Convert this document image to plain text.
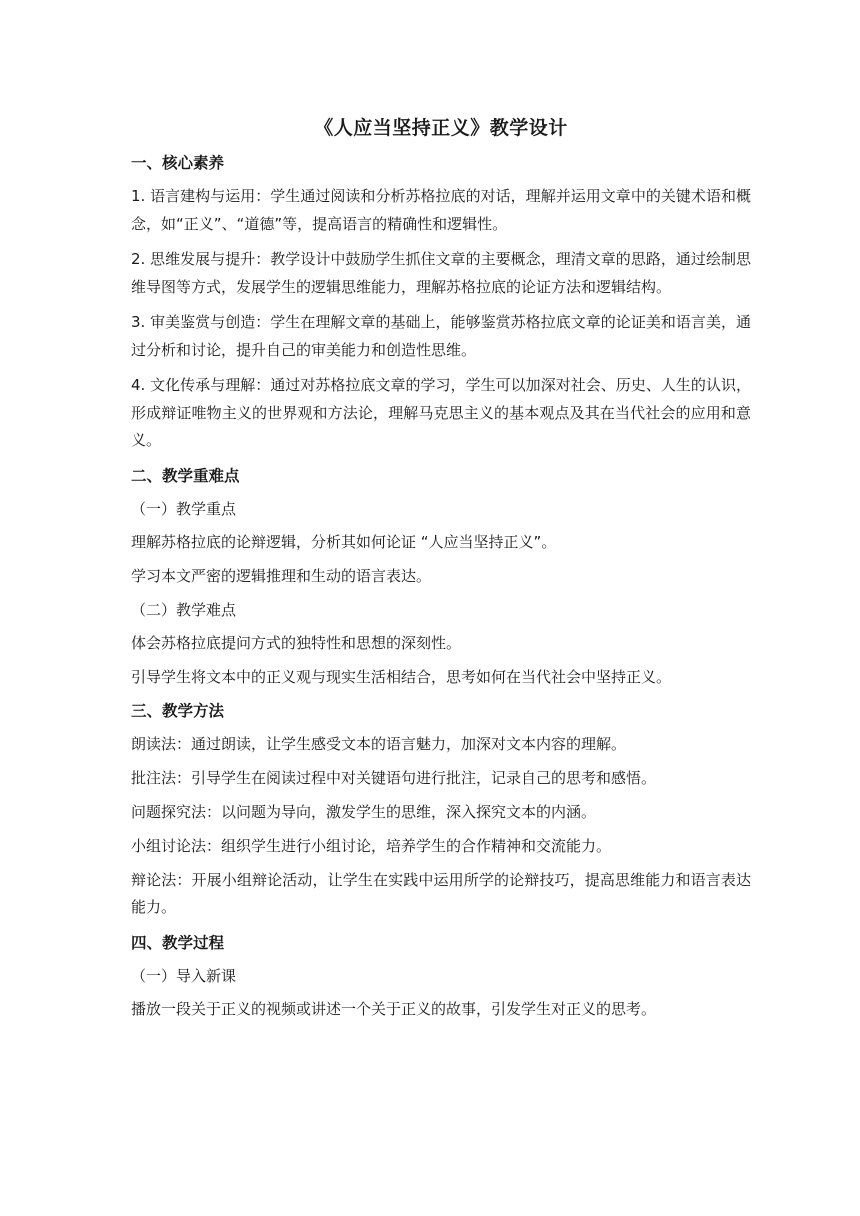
《人应当坚持正义》教学设计
一、核心素养
1. 语言建构与运用：学生通过阅读和分析苏格拉底的对话，理解并运用文章中的关键术语和概念，如“正义”、“道德”等，提高语言的精确性和逻辑性。
2. 思维发展与提升：教学设计中鼓励学生抓住文章的主要概念，理清文章的思路，通过绘制思维导图等方式，发展学生的逻辑思维能力，理解苏格拉底的论证方法和逻辑结构。
3. 审美鉴赏与创造：学生在理解文章的基础上，能够鉴赏苏格拉底文章的论证美和语言美，通过分析和讨论，提升自己的审美能力和创造性思维。
4. 文化传承与理解：通过对苏格拉底文章的学习，学生可以加深对社会、历史、人生的认识，形成辩证唯物主义的世界观和方法论，理解马克思主义的基本观点及其在当代社会的应用和意义。
二、教学重难点
（一）教学重点
理解苏格拉底的论辩逻辑，分析其如何论证 “人应当坚持正义”。
学习本文严密的逻辑推理和生动的语言表达。
（二）教学难点
体会苏格拉底提问方式的独特性和思想的深刻性。
引导学生将文本中的正义观与现实生活相结合，思考如何在当代社会中坚持正义。
三、教学方法
朗读法：通过朗读，让学生感受文本的语言魅力，加深对文本内容的理解。
批注法：引导学生在阅读过程中对关键语句进行批注，记录自己的思考和感悟。
问题探究法：以问题为导向，激发学生的思维，深入探究文本的内涵。
小组讨论法：组织学生进行小组讨论，培养学生的合作精神和交流能力。
辩论法：开展小组辩论活动，让学生在实践中运用所学的论辩技巧，提高思维能力和语言表达能力。
四、教学过程
（一）导入新课
播放一段关于正义的视频或讲述一个关于正义的故事，引发学生对正义的思考。
